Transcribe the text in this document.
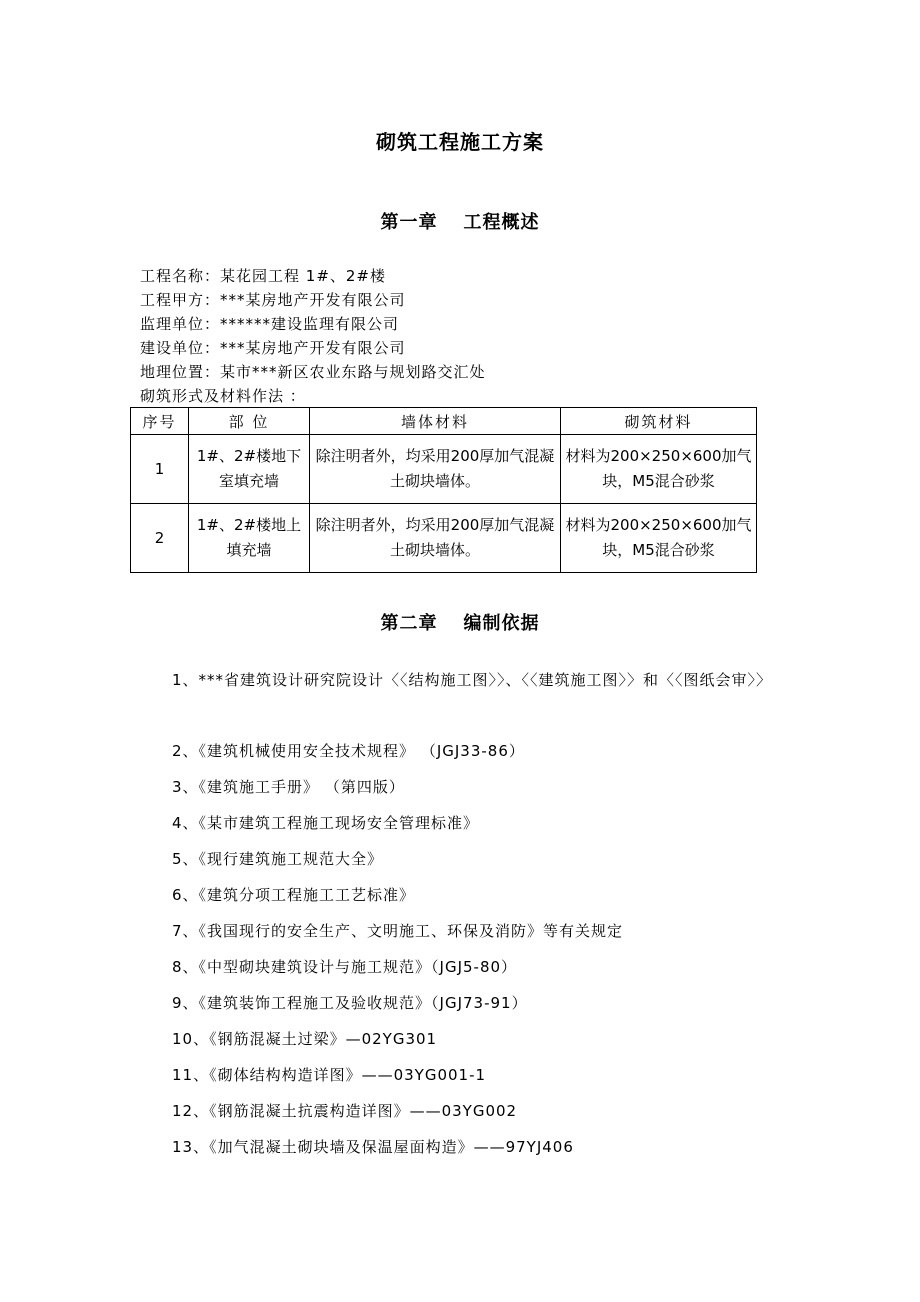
砌筑工程施工方案
第一章 工程概述
工程名称：某花园工程 1#、2#楼
工程甲方：***某房地产开发有限公司
监理单位：******建设监理有限公司
建设单位：***某房地产开发有限公司
地理位置：某市***新区农业东路与规划路交汇处
砌筑形式及材料作法 ：
序号	部 位	墙体材料	砌筑材料
1	1#、2#楼地下室填充墙	除注明者外，均采用200厚加气混凝土砌块墙体。	材料为200×250×600加气块，M5混合砂浆
2	1#、2#楼地上填充墙	除注明者外，均采用200厚加气混凝土砌块墙体。	材料为200×250×600加气块，M5混合砂浆
第二章 编制依据
1、***省建筑设计研究院设计〈〈结构施工图〉〉、〈〈建筑施工图〉〉和〈〈图纸会审〉〉
2、《建筑机械使用安全技术规程》 （JGJ33-86）
3、《建筑施工手册》 （第四版）
4、《某市建筑工程施工现场安全管理标准》
5、《现行建筑施工规范大全》
6、《建筑分项工程施工工艺标准》
7、《我国现行的安全生产、文明施工、环保及消防》等有关规定
8、《中型砌块建筑设计与施工规范》（JGJ5-80）
9、《建筑装饰工程施工及验收规范》（JGJ73-91）
10、《钢筋混凝土过梁》—02YG301
11、《砌体结构构造详图》——03YG001-1
12、《钢筋混凝土抗震构造详图》——03YG002
13、《加气混凝土砌块墙及保温屋面构造》——97YJ406
